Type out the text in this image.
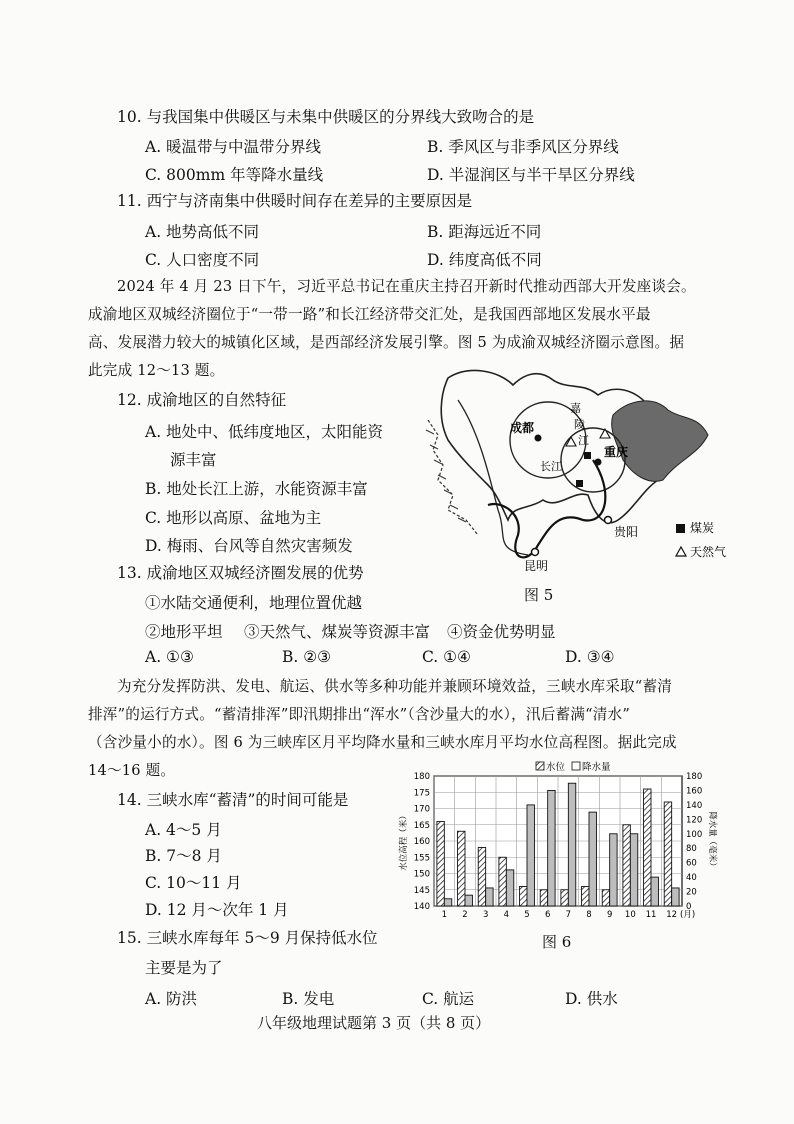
10. 与我国集中供暖区与未集中供暖区的分界线大致吻合的是
A. 暖温带与中温带分界线	B. 季风区与非季风区分界线
C. 800mm 年等降水量线	D. 半湿润区与半干旱区分界线
11. 西宁与济南集中供暖时间存在差异的主要原因是
A. 地势高低不同	B. 距海远近不同
C. 人口密度不同	D. 纬度高低不同
2024 年 4 月 23 日下午，习近平总书记在重庆主持召开新时代推动西部大开发座谈会。
成渝地区双城经济圈位于“一带一路”和长江经济带交汇处，是我国西部地区发展水平最
高、发展潜力较大的城镇化区域，是西部经济发展引擎。图 5 为成渝双城经济圈示意图。据
此完成 12～13 题。
12. 成渝地区的自然特征
A. 地处中、低纬度地区，太阳能资
源丰富
B. 地处长江上游，水能资源丰富
C. 地形以高原、盆地为主
D. 梅雨、台风等自然灾害频发
13. 成渝地区双城经济圈发展的优势
①水陆交通便利，地理位置优越
②地形平坦 ③天然气、煤炭等资源丰富 ④资金优势明显
A. ①③	B. ②③	C. ①④	D. ③④
煤炭
天然气
成都
重庆
贵阳
昆明
长江
嘉
陵
江
图 5
为充分发挥防洪、发电、航运、供水等多种功能并兼顾环境效益，三峡水库采取“蓄清
排浑”的运行方式。“蓄清排浑”即汛期排出“浑水”（含沙量大的水），汛后蓄满“清水”
（含沙量小的水）。图 6 为三峡库区月平均降水量和三峡水库月平均水位高程图。据此完成
14～16 题。
14. 三峡水库“蓄清”的时间可能是
A. 4～5 月
B. 7～8 月
C. 10～11 月
D. 12 月～次年 1 月
15. 三峡水库每年 5～9 月保持低水位
主要是为了
A. 防洪	B. 发电	C. 航运	D. 供水
140
145
150
155
160
165
170
175
180
0
20
40
60
80
100
120
140
160
180
1 2 3 4 5 6 7 8 9 10 11 12 (月)
水位高程（米）	降水量（毫米）
水位 降水量
图 6
八年级地理试题第 3 页（共 8 页）
